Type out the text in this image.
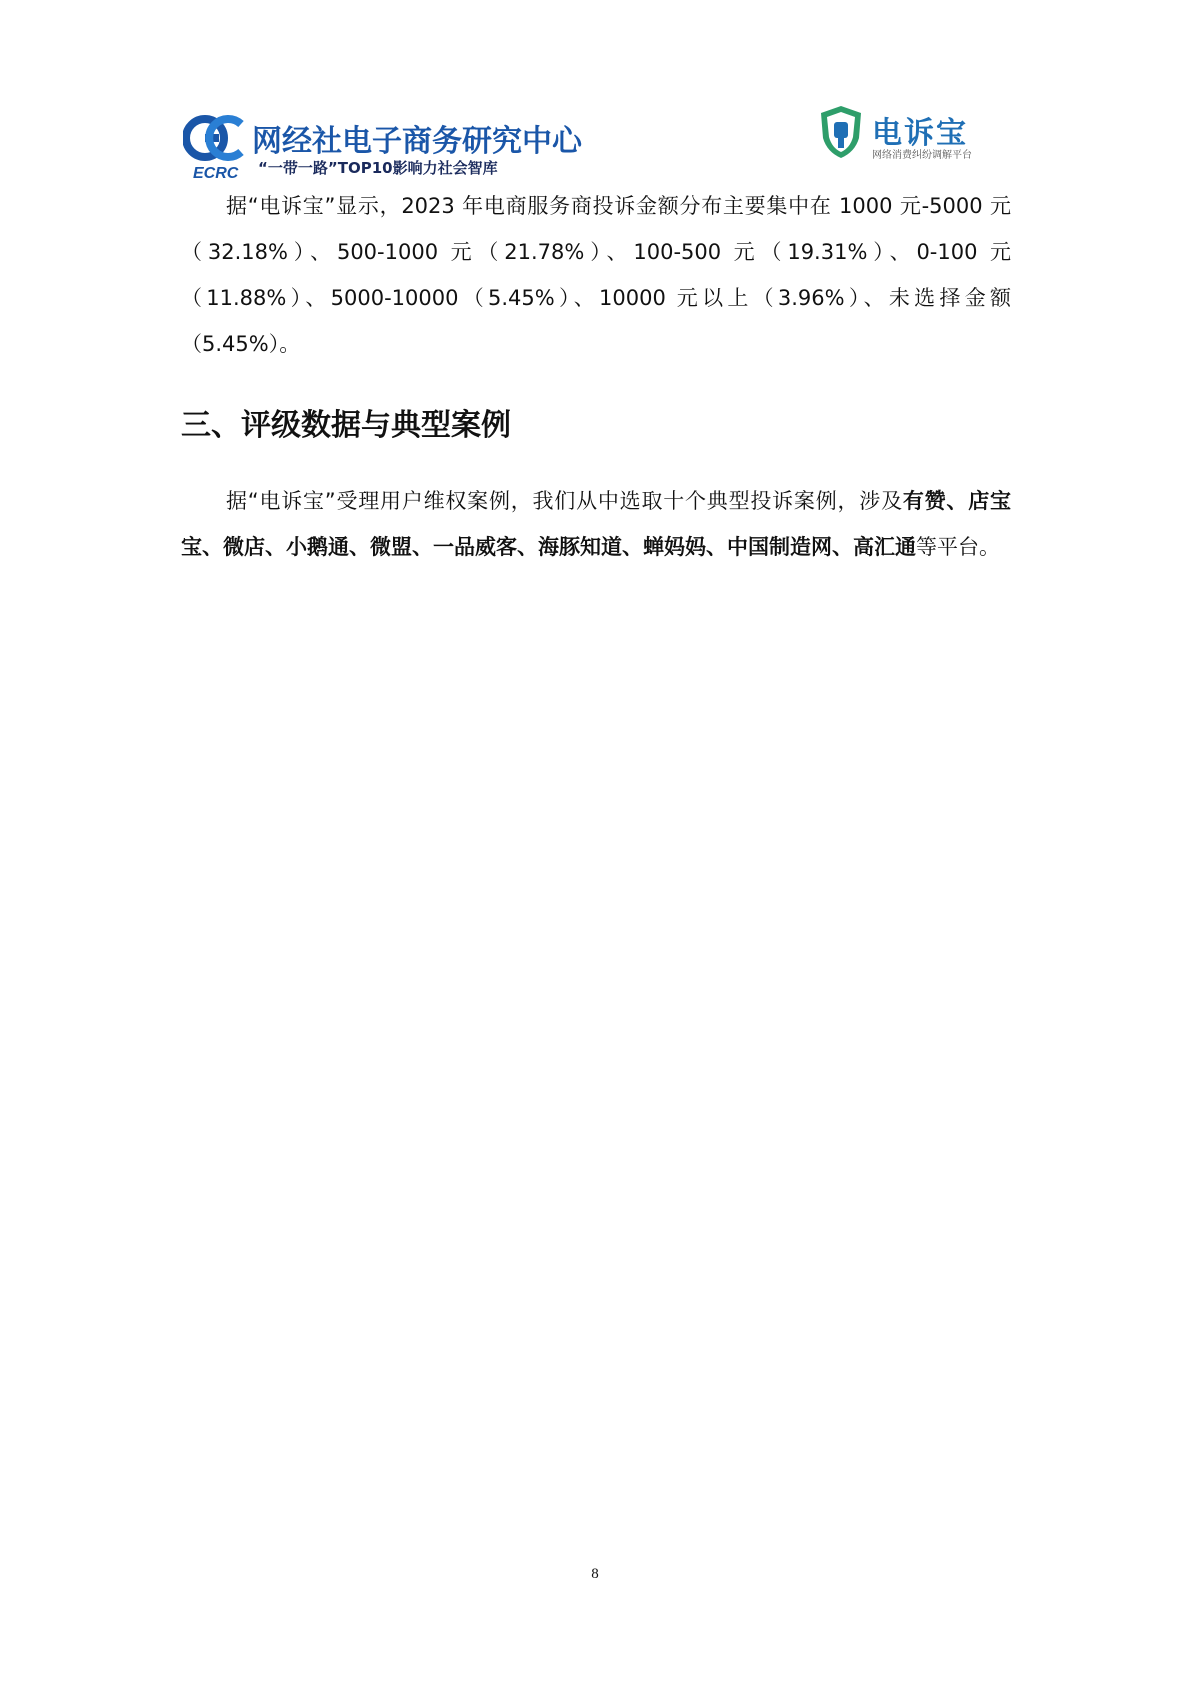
ECRC
网经社电子商务研究中心
“一带一路”TOP10影响力社会智库
电诉宝
网络消费纠纷调解平台

据“电诉宝”显示，2023 年电商服务商投诉金额分布主要集中在 1000 元-5000 元（32.18%）、500-1000 元（21.78%）、100-500 元（19.31%）、0-100 元（11.88%）、5000-10000（5.45%）、10000 元以上（3.96%）、未选择金额（5.45%）。

三、评级数据与典型案例

据“电诉宝”受理用户维权案例，我们从中选取十个典型投诉案例，涉及有赞、店宝宝、微店、小鹅通、微盟、一品威客、海豚知道、蝉妈妈、中国制造网、高汇通等平台。

8
